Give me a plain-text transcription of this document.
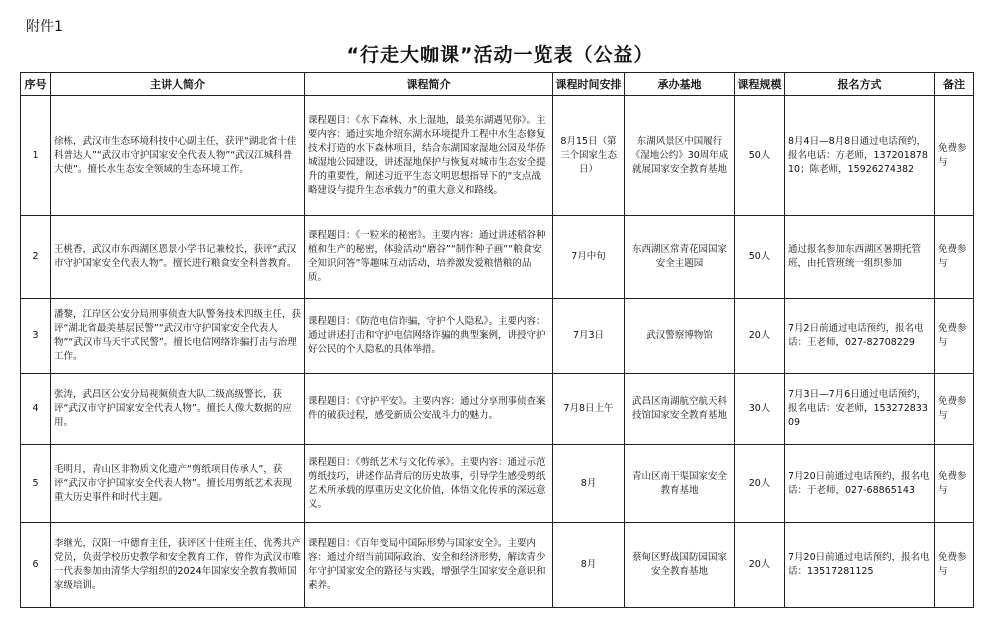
附件1
“行走大咖课”活动一览表（公益）
序号	主讲人简介	课程简介	课程时间安排	承办基地	课程规模	报名方式	备注
1	徐栋，武汉市生态环境科技中心副主任，获评“湖北省十佳科普达人”“武汉市守护国家安全代表人物”“武汉江城科普大使”。擅长水生态安全领域的生态环境工作。	课程题目：《水下森林、水上湿地，最美东湖遇见你》。主要内容：通过实地介绍东湖水环境提升工程中水生态修复技术打造的水下森林项目，结合东湖国家湿地公园及华侨城湿地公园建设，讲述湿地保护与恢复对城市生态安全提升的重要性，阐述习近平生态文明思想指导下的“支点战略建设与提升生态承载力”的重大意义和路线。	8月15日（第三个国家生态日）	东湖风景区中国履行《湿地公约》30周年成就展国家安全教育基地	50人	8月4日—8月8日通过电话预约，报名电话：方老师，13720187810；陈老师，15926274382	免费参与
2	王桃香，武汉市东西湖区恩景小学书记兼校长，获评“武汉市守护国家安全代表人物”。擅长进行粮食安全科普教育。	课程题目：《一粒米的秘密》。主要内容：通过讲述稻谷种植和生产的秘密，体验活动“磨谷”“制作种子画”“粮食安全知识问答”等趣味互动活动，培养激发爱粮惜粮的品质。	7月中旬	东西湖区常青花园国家安全主题园	50人	通过报名参加东西湖区暑期托管班，由托管班统一组织参加	免费参与
3	潘黎，江岸区公安分局刑事侦查大队警务技术四级主任，获评“湖北省最美基层民警”“武汉市守护国家安全代表人物”“武汉市马天宇式民警”。擅长电信网络诈骗打击与治理工作。	课程题目：《防范电信诈骗，守护个人隐私》。主要内容：通过讲述打击和守护电信网络诈骗的典型案例，讲授守护好公民的个人隐私的具体举措。	7月3日	武汉警察博物馆	20人	7月2日前通过电话预约，报名电话：王老师，027-82708229	免费参与
4	张涛，武昌区公安分局视频侦查大队二级高级警长，获评“武汉市守护国家安全代表人物”。擅长人像大数据的应用。	课程题目：《守护平安》。主要内容：通过分享刑事侦查案件的破获过程，感受新质公安战斗力的魅力。	7月8日上午	武昌区南湖航空航天科技馆国家安全教育基地	30人	7月3日—7月6日通过电话预约，报名电话：安老师，15327283309	免费参与
5	毛明月，青山区非物质文化遗产“剪纸项目传承人”，获评“武汉市守护国家安全代表人物”。擅长用剪纸艺术表现重大历史事件和时代主题。	课程题目：《剪纸艺术与文化传承》。主要内容：通过示范剪纸技巧，讲述作品背后的历史故事，引导学生感受剪纸艺术所承载的厚重历史文化价值，体悟文化传承的深远意义。	8月	青山区南干渠国家安全教育基地	20人	7月20日前通过电话预约，报名电话：于老师，027-68865143	免费参与
6	李继光，汉阳一中德育主任，获评区十佳班主任、优秀共产党员，负责学校历史教学和安全教育工作，曾作为武汉市唯一代表参加由清华大学组织的2024年国家安全教育教师国家级培训。	课程题目：《百年变局中国际形势与国家安全》。主要内容：通过介绍当前国际政治、安全和经济形势，解读青少年守护国家安全的路径与实践，增强学生国家安全意识和素养。	8月	蔡甸区野战国防园国家安全教育基地	20人	7月20日前通过电话预约，报名电话：13517281125	免费参与
